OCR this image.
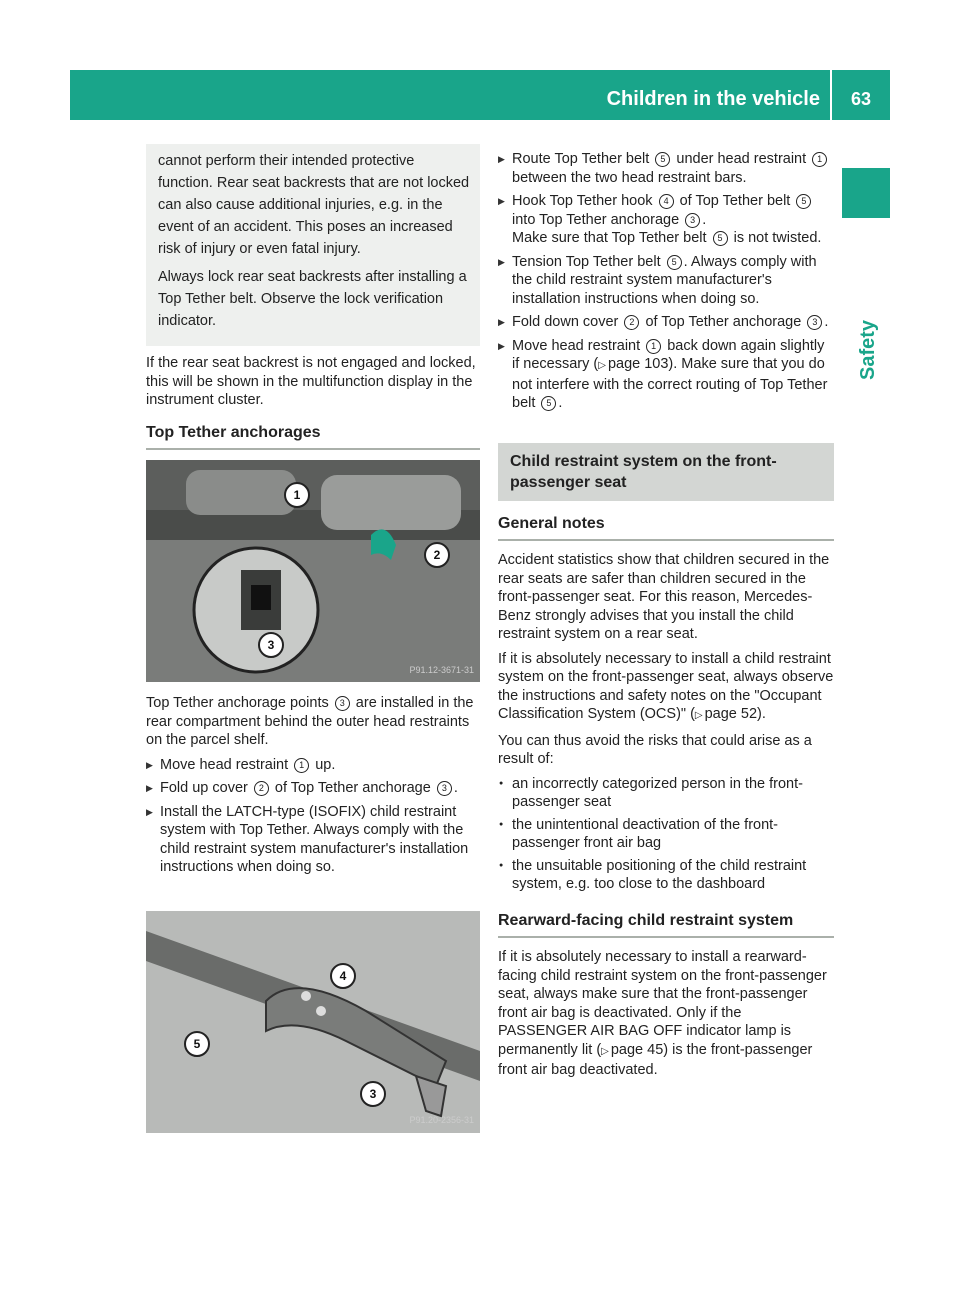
Children in the vehicle	63
Safety

cannot perform their intended protective function. Rear seat backrests that are not locked can also cause additional injuries, e.g. in the event of an accident. This poses an increased risk of injury or even fatal injury.

Always lock rear seat backrests after installing a Top Tether belt. Observe the lock verification indicator.

If the rear seat backrest is not engaged and locked, this will be shown in the multifunction display in the instrument cluster.

Top Tether anchorages
1
2
3
P91.12-3671-31

Top Tether anchorage points 3 are installed in the rear compartment behind the outer head restraints on the parcel shelf.

▶ Move head restraint 1 up.
▶ Fold up cover 2 of Top Tether anchorage 3 .
▶ Install the LATCH-type (ISOFIX) child restraint system with Top Tether. Always comply with the child restraint system manufacturer's installation instructions when doing so.
4
5
3
P91.20-2356-31
▶ Route Top Tether belt 5 under head restraint 1 between the two head restraint bars.
▶ Hook Top Tether hook 4 of Top Tether belt 5 into Top Tether anchorage 3 .
Make sure that Top Tether belt 5 is not twisted.
▶ Tension Top Tether belt 5 . Always comply with the child restraint system manufacturer's installation instructions when doing so.
▶ Fold down cover 2 of Top Tether anchorage 3 .
▶ Move head restraint 1 back down again slightly if necessary ( ▷ page 103). Make sure that you do not interfere with the correct routing of Top Tether belt 5 .
Child restraint system on the front-passenger seat
General notes

Accident statistics show that children secured in the rear seats are safer than children secured in the front-passenger seat. For this reason, Mercedes-Benz strongly advises that you install the child restraint system on a rear seat.

If it is absolutely necessary to install a child restraint system on the front-passenger seat, always observe the instructions and safety notes on the "Occupant Classification System (OCS)" ( ▷ page 52).

You can thus avoid the risks that could arise as a result of:

● an incorrectly categorized person in the front-passenger seat
● the unintentional deactivation of the front-passenger front air bag
● the unsuitable positioning of the child restraint system, e.g. too close to the dashboard
Rearward-facing child restraint system

If it is absolutely necessary to install a rearward-facing child restraint system on the front-passenger seat, always make sure that the front-passenger front air bag is deactivated. Only if the PASSENGER AIR BAG OFF indicator lamp is permanently lit ( ▷ page 45) is the front-passenger front air bag deactivated.
